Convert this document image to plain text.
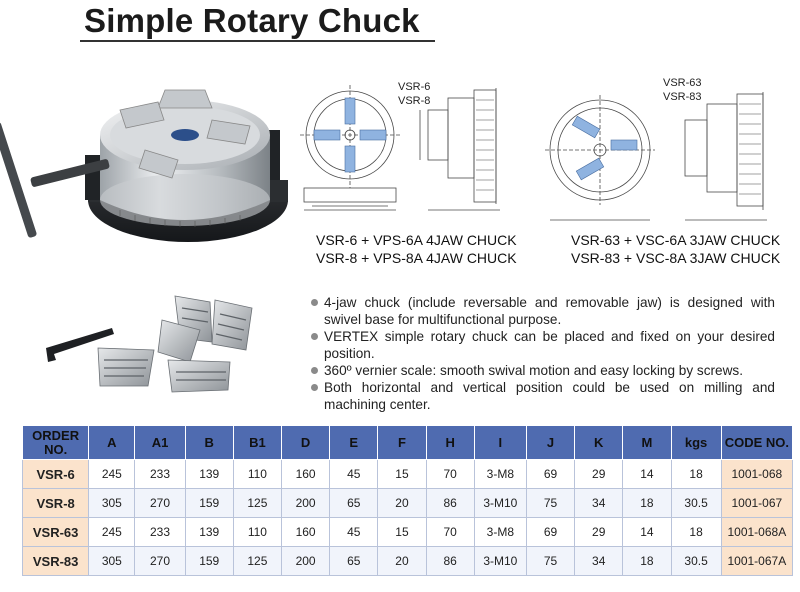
Simple Rotary Chuck
VSR-6
VSR-8
VSR-63
VSR-83
VSR-6 + VPS-6A 4JAW CHUCK
VSR-8 + VPS-8A 4JAW CHUCK
VSR-63 + VSC-6A 3JAW CHUCK
VSR-83 + VSC-8A 3JAW CHUCK
4-jaw chuck (include reversable and removable jaw) is designed with swivel base for multifunctional purpose.
VERTEX simple rotary chuck can be placed and fixed on your desired position.
360º vernier scale: smooth swival motion and easy locking by screws.
Both horizontal and vertical position could be used on milling and machining center.
ORDER NO.	A	A1	B	B1	D	E	F	H	I	J	K	M	kgs	CODE NO.
VSR-6	245	233	139	110	160	45	15	70	3-M8	69	29	14	18	1001-068
VSR-8	305	270	159	125	200	65	20	86	3-M10	75	34	18	30.5	1001-067
VSR-63	245	233	139	110	160	45	15	70	3-M8	69	29	14	18	1001-068A
VSR-83	305	270	159	125	200	65	20	86	3-M10	75	34	18	30.5	1001-067A
